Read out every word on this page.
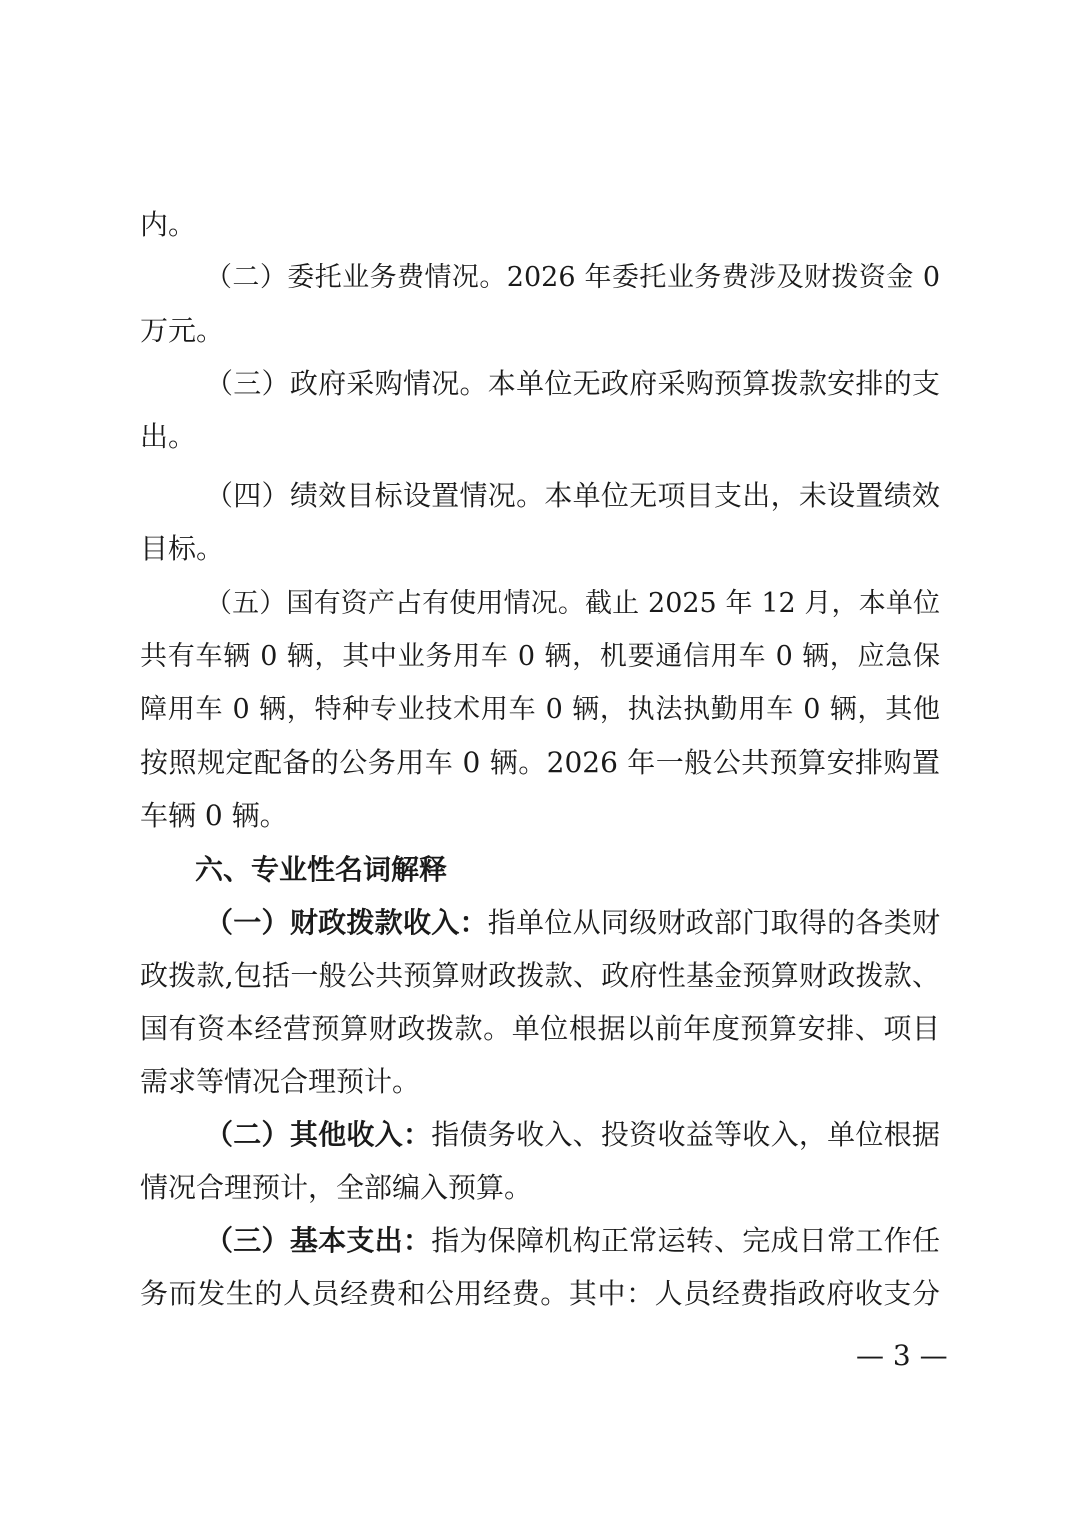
内。
（二）委托业务费情况。2026 年委托业务费涉及财拨资金 0
万元。
（三）政府采购情况。本单位无政府采购预算拨款安排的支
出。
（四）绩效目标设置情况。本单位无项目支出，未设置绩效
目标。
（五）国有资产占有使用情况。截止 2025 年 12 月，本单位
共有车辆 0 辆，其中业务用车 0 辆，机要通信用车 0 辆，应急保
障用车 0 辆，特种专业技术用车 0 辆，执法执勤用车 0 辆，其他
按照规定配备的公务用车 0 辆。2026 年一般公共预算安排购置
车辆 0 辆。
六、专业性名词解释
（一）财政拨款收入：指单位从同级财政部门取得的各类财
政拨款,包括一般公共预算财政拨款、政府性基金预算财政拨款、
国有资本经营预算财政拨款。单位根据以前年度预算安排、项目
需求等情况合理预计。
（二）其他收入：指债务收入、投资收益等收入，单位根据
情况合理预计，全部编入预算。
（三）基本支出：指为保障机构正常运转、完成日常工作任
务而发生的人员经费和公用经费。其中：人员经费指政府收支分
— 3 —
